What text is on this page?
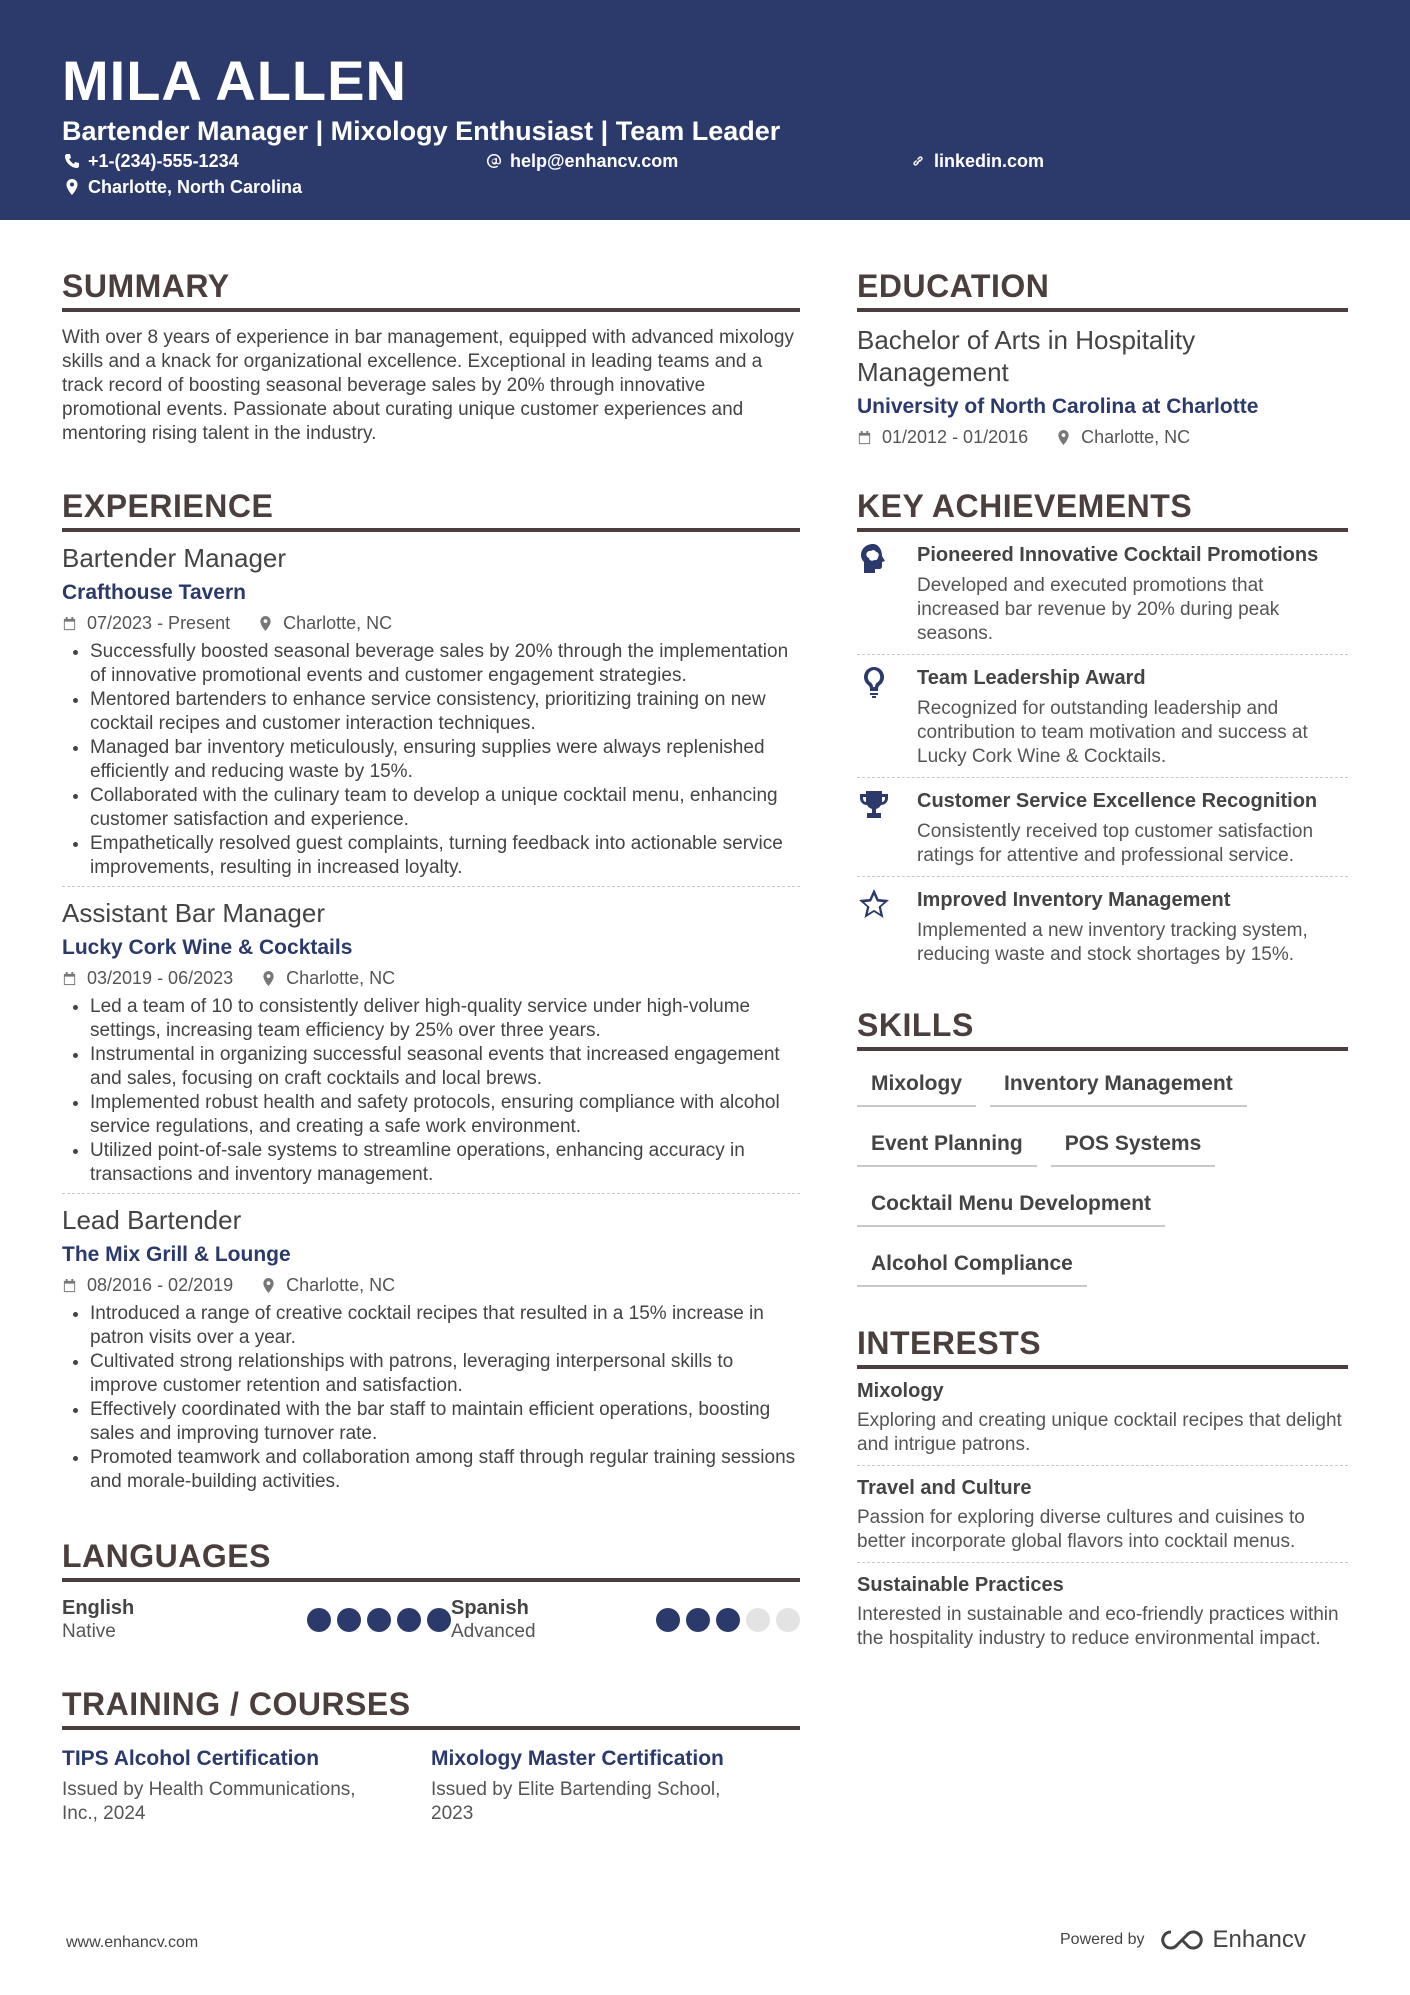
MILA ALLEN
Bartender Manager | Mixology Enthusiast | Team Leader
+1-(234)-555-1234	help@enhancv.com	linkedin.com
Charlotte, North Carolina
SUMMARY
With over 8 years of experience in bar management, equipped with advanced mixology skills and a knack for organizational excellence. Exceptional in leading teams and a track record of boosting seasonal beverage sales by 20% through innovative promotional events. Passionate about curating unique customer experiences and mentoring rising talent in the industry.
EXPERIENCE
Bartender Manager
Crafthouse Tavern
07/2023 - Present	Charlotte, NC
• Successfully boosted seasonal beverage sales by 20% through the implementation of innovative promotional events and customer engagement strategies.
• Mentored bartenders to enhance service consistency, prioritizing training on new cocktail recipes and customer interaction techniques.
• Managed bar inventory meticulously, ensuring supplies were always replenished efficiently and reducing waste by 15%.
• Collaborated with the culinary team to develop a unique cocktail menu, enhancing customer satisfaction and experience.
• Empathetically resolved guest complaints, turning feedback into actionable service improvements, resulting in increased loyalty.
Assistant Bar Manager
Lucky Cork Wine & Cocktails
03/2019 - 06/2023	Charlotte, NC
• Led a team of 10 to consistently deliver high-quality service under high-volume settings, increasing team efficiency by 25% over three years.
• Instrumental in organizing successful seasonal events that increased engagement and sales, focusing on craft cocktails and local brews.
• Implemented robust health and safety protocols, ensuring compliance with alcohol service regulations, and creating a safe work environment.
• Utilized point-of-sale systems to streamline operations, enhancing accuracy in transactions and inventory management.
Lead Bartender
The Mix Grill & Lounge
08/2016 - 02/2019	Charlotte, NC
• Introduced a range of creative cocktail recipes that resulted in a 15% increase in patron visits over a year.
• Cultivated strong relationships with patrons, leveraging interpersonal skills to improve customer retention and satisfaction.
• Effectively coordinated with the bar staff to maintain efficient operations, boosting sales and improving turnover rate.
• Promoted teamwork and collaboration among staff through regular training sessions and morale-building activities.
LANGUAGES
English
Native
Spanish
Advanced
TRAINING / COURSES
TIPS Alcohol Certification
Issued by Health Communications, Inc., 2024
Mixology Master Certification
Issued by Elite Bartending School, 2023
EDUCATION
Bachelor of Arts in Hospitality Management
University of North Carolina at Charlotte
01/2012 - 01/2016	Charlotte, NC
KEY ACHIEVEMENTS
Pioneered Innovative Cocktail Promotions
Developed and executed promotions that increased bar revenue by 20% during peak seasons.
Team Leadership Award
Recognized for outstanding leadership and contribution to team motivation and success at Lucky Cork Wine & Cocktails.
Customer Service Excellence Recognition
Consistently received top customer satisfaction ratings for attentive and professional service.
Improved Inventory Management
Implemented a new inventory tracking system, reducing waste and stock shortages by 15%.
SKILLS
Mixology	Inventory Management
Event Planning	POS Systems
Cocktail Menu Development
Alcohol Compliance
INTERESTS
Mixology
Exploring and creating unique cocktail recipes that delight and intrigue patrons.
Travel and Culture
Passion for exploring diverse cultures and cuisines to better incorporate global flavors into cocktail menus.
Sustainable Practices
Interested in sustainable and eco-friendly practices within the hospitality industry to reduce environmental impact.
www.enhancv.com	Powered by	Enhancv
